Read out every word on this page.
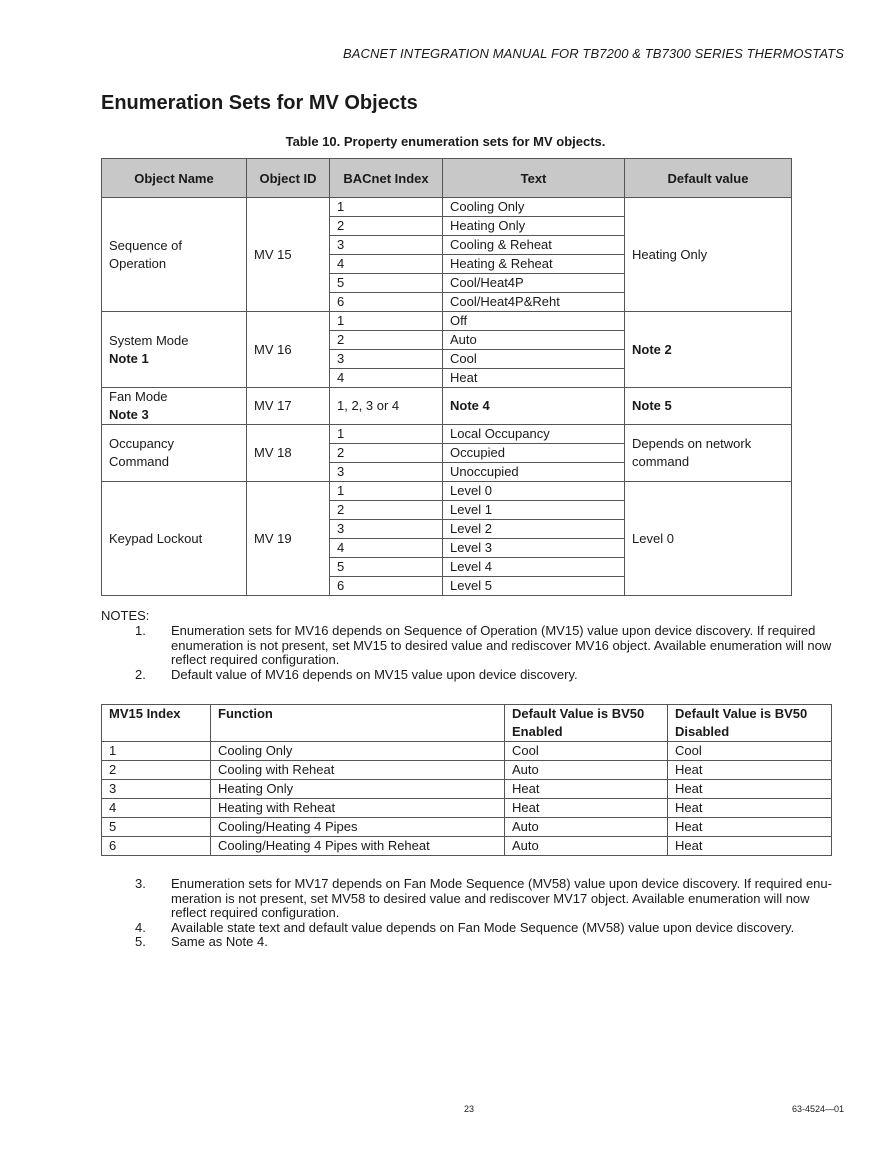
BACNET INTEGRATION MANUAL FOR TB7200 & TB7300 SERIES THERMOSTATS
Enumeration Sets for MV Objects
Table 10. Property enumeration sets for MV objects.
Object Name	Object ID	BACnet Index	Text	Default value

Sequence of Operation	MV 15	1	Cooling Only	Heating Only
		2	Heating Only	
		3	Cooling & Reheat	
		4	Heating & Reheat	
		5	Cool/Heat4P	
		6	Cool/Heat4P&Reht	

System Mode
Note 1	MV 16	1	Off	Note 2
		2	Auto	
		3	Cool	
		4	Heat	

Fan Mode
Note 3	MV 17	1, 2, 3 or 4	Note 4	Note 5

Occupancy Command	MV 18	1	Local Occupancy	Depends on network command
		2	Occupied	
		3	Unoccupied	

Keypad Lockout	MV 19	1	Level 0	Level 0
		2	Level 1	
		3	Level 2	
		4	Level 3	
		5	Level 4	
		6	Level 5	
NOTES:
1. Enumeration sets for MV16 depends on Sequence of Operation (MV15) value upon device discovery. If required enumeration is not present, set MV15 to desired value and rediscover MV16 object. Available enumeration will now reflect required configuration.
2. Default value of MV16 depends on MV15 value upon device discovery.
MV15 Index	Function	Default Value is BV50 Enabled	Default Value is BV50 Disabled
1	Cooling Only	Cool	Cool
2	Cooling with Reheat	Auto	Heat
3	Heating Only	Heat	Heat
4	Heating with Reheat	Heat	Heat
5	Cooling/Heating 4 Pipes	Auto	Heat
6	Cooling/Heating 4 Pipes with Reheat	Auto	Heat
3. Enumeration sets for MV17 depends on Fan Mode Sequence (MV58) value upon device discovery. If required enu-meration is not present, set MV58 to desired value and rediscover MV17 object. Available enumeration will now reflect required configuration.
4. Available state text and default value depends on Fan Mode Sequence (MV58) value upon device discovery.
5. Same as Note 4.
23	63-4524—01
